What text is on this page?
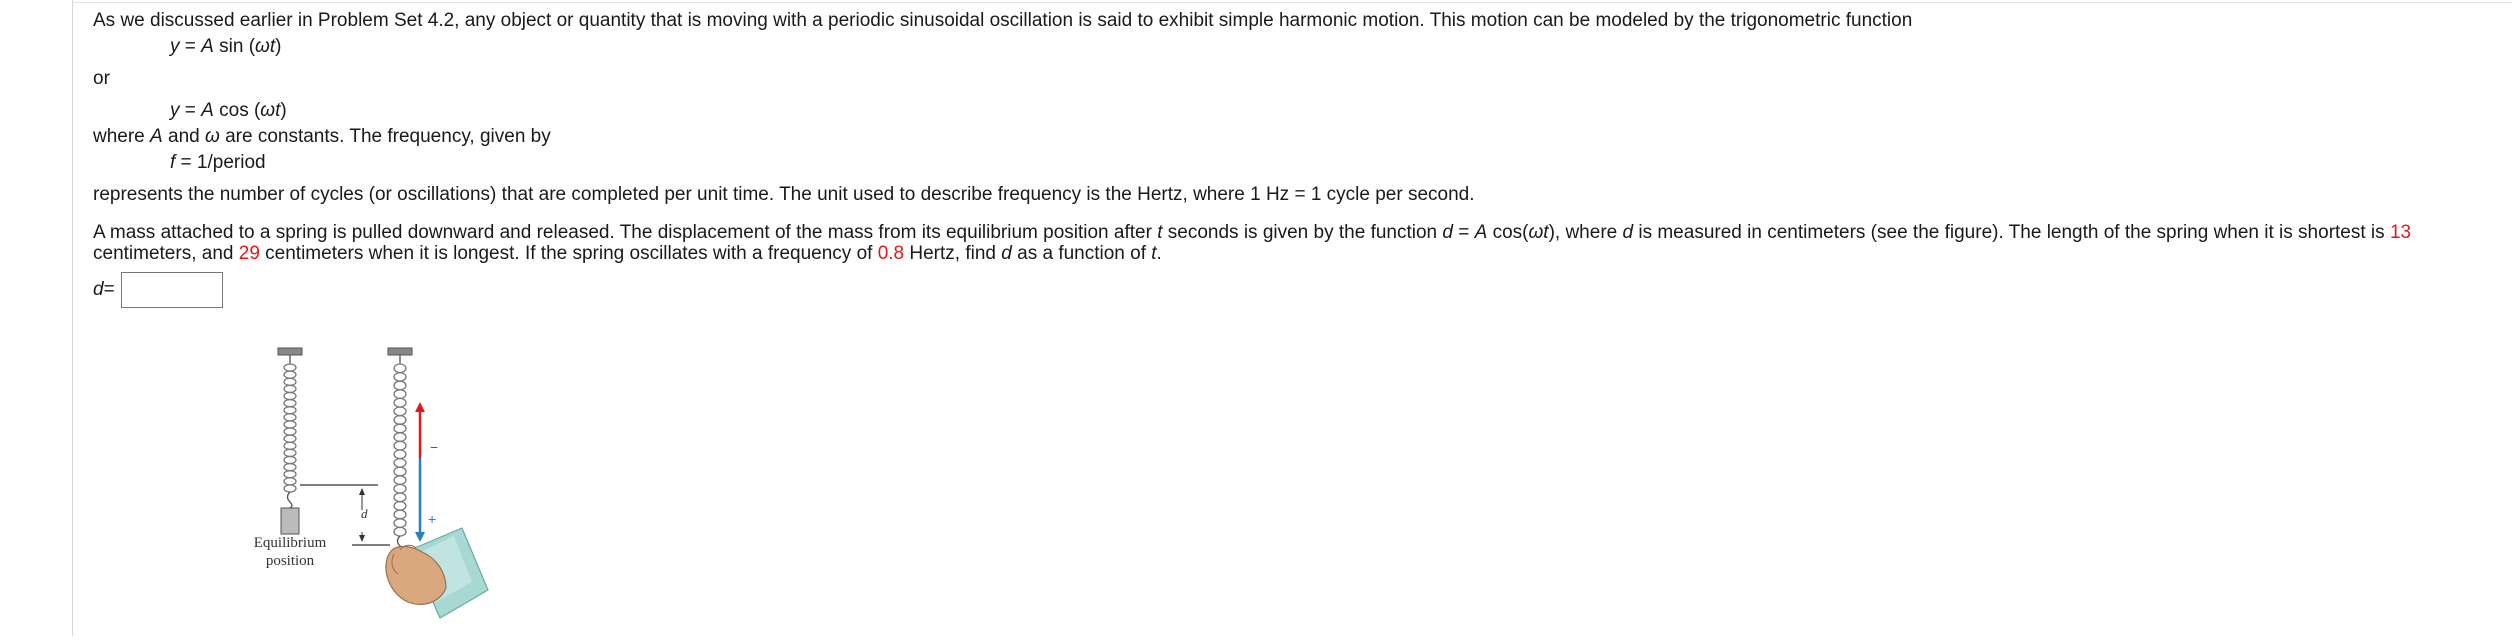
As we discussed earlier in Problem Set 4.2, any object or quantity that is moving with a periodic sinusoidal oscillation is said to exhibit simple harmonic motion. This motion can be modeled by the trigonometric function
y = A sin (ωt)
or
y = A cos (ωt)
where A and ω are constants. The frequency, given by
f = 1/period
represents the number of cycles (or oscillations) that are completed per unit time. The unit used to describe frequency is the Hertz, where 1 Hz = 1 cycle per second.
A mass attached to a spring is pulled downward and released. The displacement of the mass from its equilibrium position after t seconds is given by the function d = A cos(ωt), where d is measured in centimeters (see the figure). The length of the spring when it is shortest is 13 centimeters, and 29 centimeters when it is longest. If the spring oscillates with a frequency of 0.8 Hertz, find d as a function of t.
d =
d
−
+
Equilibrium
position
